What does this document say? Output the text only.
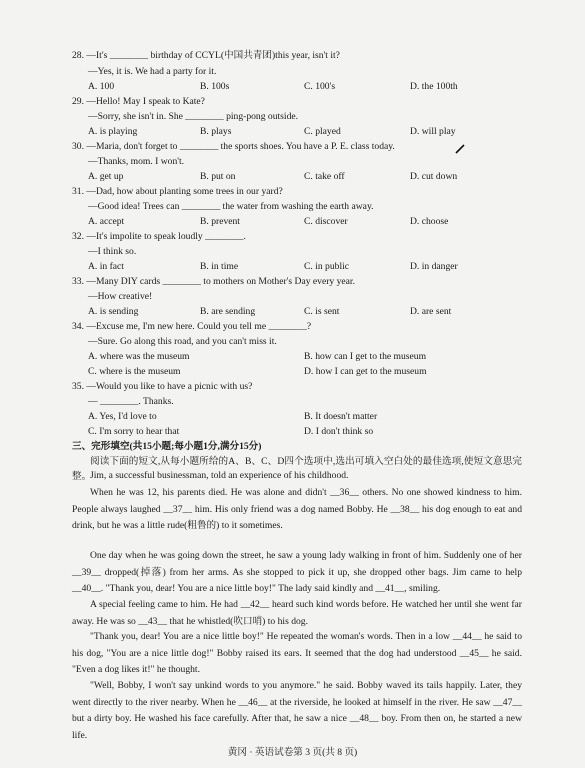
28. —It's ________ birthday of CCYL(中国共青团)this year, isn't it?
—Yes, it is. We had a party for it.
A. 100	B. 100s	C. 100's	D. the 100th
29. —Hello! May I speak to Kate?
—Sorry, she isn't in. She ________ ping-pong outside.
A. is playing	B. plays	C. played	D. will play
30. —Maria, don't forget to ________ the sports shoes. You have a P. E. class today.
—Thanks, mom. I won't.
A. get up	B. put on	C. take off	D. cut down
31. —Dad, how about planting some trees in our yard?
—Good idea! Trees can ________ the water from washing the earth away.
A. accept	B. prevent	C. discover	D. choose
32. —It's impolite to speak loudly ________.
—I think so.
A. in fact	B. in time	C. in public	D. in danger
33. —Many DIY cards ________ to mothers on Mother's Day every year.
—How creative!
A. is sending	B. are sending	C. is sent	D. are sent
34. —Excuse me, I'm new here. Could you tell me ________?
—Sure. Go along this road, and you can't miss it.
A. where was the museum	B. how can I get to the museum
C. where is the museum	D. how I can get to the museum
35. —Would you like to have a picnic with us?
— ________. Thanks.
A. Yes, I'd love to	B. It doesn't matter
C. I'm sorry to hear that	D. I don't think so
三、完形填空(共15小题;每小题1分,满分15分)
阅读下面的短文,从每小题所给的A、B、C、D四个选项中,选出可填入空白处的最佳选项,使短文意思完整。
Jim, a successful businessman, told an experience of his childhood.
When he was 12, his parents died. He was alone and didn't __36__ others. No one showed kindness to him. People always laughed __37__ him. His only friend was a dog named Bobby. He __38__ his dog enough to eat and drink, but he was a little rude(粗鲁的) to it sometimes.
One day when he was going down the street, he saw a young lady walking in front of him. Suddenly one of her __39__ dropped(掉落) from her arms. As she stopped to pick it up, she dropped other bags. Jim came to help __40__. "Thank you, dear! You are a nice little boy!" The lady said kindly and __41__, smiling.
A special feeling came to him. He had __42__ heard such kind words before. He watched her until she went far away. He was so __43__ that he whistled(吹口哨) to his dog.
"Thank you, dear! You are a nice little boy!" He repeated the woman's words. Then in a low __44__ he said to his dog, "You are a nice little dog!" Bobby raised its ears. It seemed that the dog had understood __45__ he said. "Even a dog likes it!" he thought.
"Well, Bobby, I won't say unkind words to you anymore." he said. Bobby waved its tails happily. Later, they went directly to the river nearby. When he __46__ at the riverside, he looked at himself in the river. He saw __47__ but a dirty boy. He washed his face carefully. After that, he saw a nice __48__ boy. From then on, he started a new life.
黄冈 · 英语试卷第 3 页(共 8 页)
